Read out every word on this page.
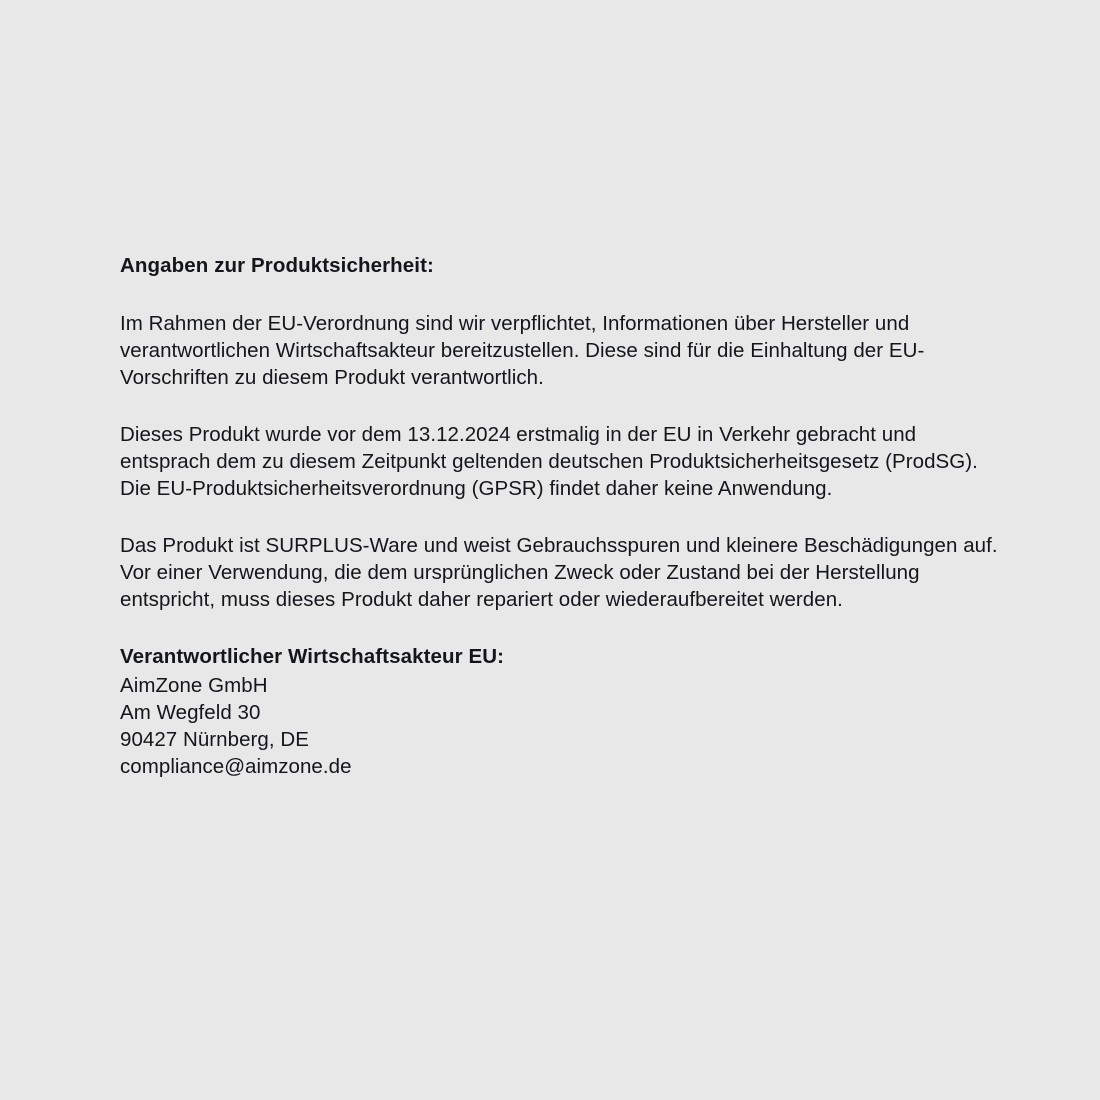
Angaben zur Produktsicherheit:

Im Rahmen der EU-Verordnung sind wir verpflichtet, Informationen über Hersteller und verantwortlichen Wirtschaftsakteur bereitzustellen. Diese sind für die Einhaltung der EU-Vorschriften zu diesem Produkt verantwortlich.

Dieses Produkt wurde vor dem 13.12.2024 erstmalig in der EU in Verkehr gebracht und entsprach dem zu diesem Zeitpunkt geltenden deutschen Produktsicherheitsgesetz (ProdSG). Die EU-Produktsicherheitsverordnung (GPSR) findet daher keine Anwendung.

Das Produkt ist SURPLUS-Ware und weist Gebrauchsspuren und kleinere Beschädigungen auf. Vor einer Verwendung, die dem ursprünglichen Zweck oder Zustand bei der Herstellung entspricht, muss dieses Produkt daher repariert oder wiederaufbereitet werden.

Verantwortlicher Wirtschaftsakteur EU:
AimZone GmbH
Am Wegfeld 30
90427 Nürnberg, DE
compliance@aimzone.de
